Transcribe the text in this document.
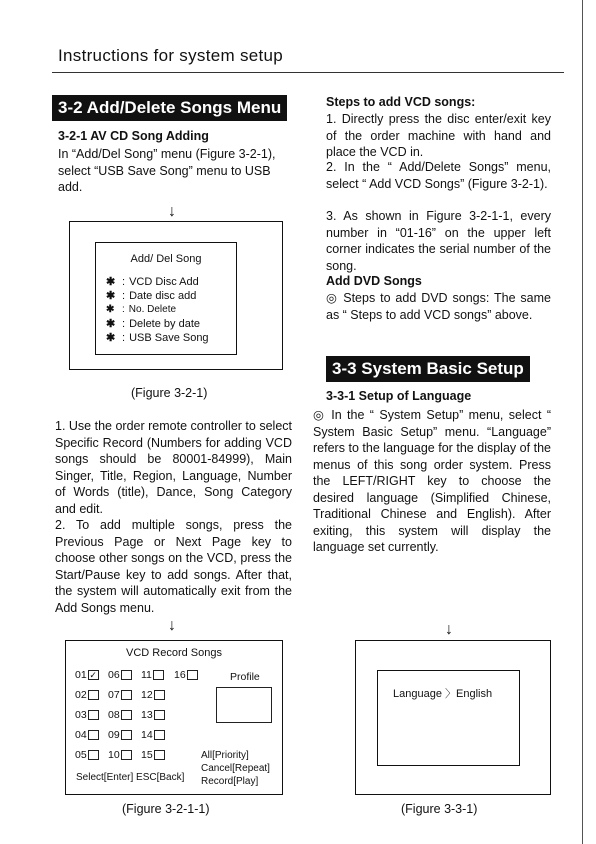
Instructions for system setup
3-2 Add/Delete Songs Menu
3-2-1 AV CD Song Adding
In “Add/Del Song” menu (Figure 3-2-1), select “USB Save Song” menu to USB add.
↓
Add/ Del Song
✱ : VCD Disc Add
✱ : Date disc add
✱ : No. Delete
✱ : Delete by date
✱ : USB Save Song
(Figure 3-2-1)
1. Use the order remote controller to select Specific Record (Numbers for adding VCD songs should be 80001-84999), Main Singer, Title, Region, Language, Number of Words (title), Dance, Song Category and edit.
2. To add multiple songs, press the Previous Page or Next Page key to choose other songs on the VCD, press the Start/Pause key to add songs. After that, the system will automatically exit from the Add Songs menu.
↓
VCD Record Songs
01 ✓	06	11	16
02	07	12
03	08	13
04	09	14
05	10	15
Profile
Select[Enter] ESC[Back]
All[Priority]
Cancel[Repeat]
Record[Play]
(Figure 3-2-1-1)
Steps to add VCD songs:
1. Directly press the disc enter/exit key of the order machine with hand and place the VCD in.
2. In the “ Add/Delete Songs” menu, select “ Add VCD Songs” (Figure 3-2-1).
3. As shown in Figure 3-2-1-1, every number in “01-16” on the upper left corner indicates the serial number of the song.
Add DVD Songs
◎ Steps to add DVD songs: The same as “ Steps to add VCD songs” above.
3-3 System Basic Setup
3-3-1 Setup of Language
◎ In the “ System Setup” menu, select “ System Basic Setup” menu. “Language” refers to the language for the display of the menus of this song order system. Press the LEFT/RIGHT key to choose the desired language (Simplified Chinese, Traditional Chinese and English). After exiting, this system will display the language set currently.
↓
Language 〉English
(Figure 3-3-1)
